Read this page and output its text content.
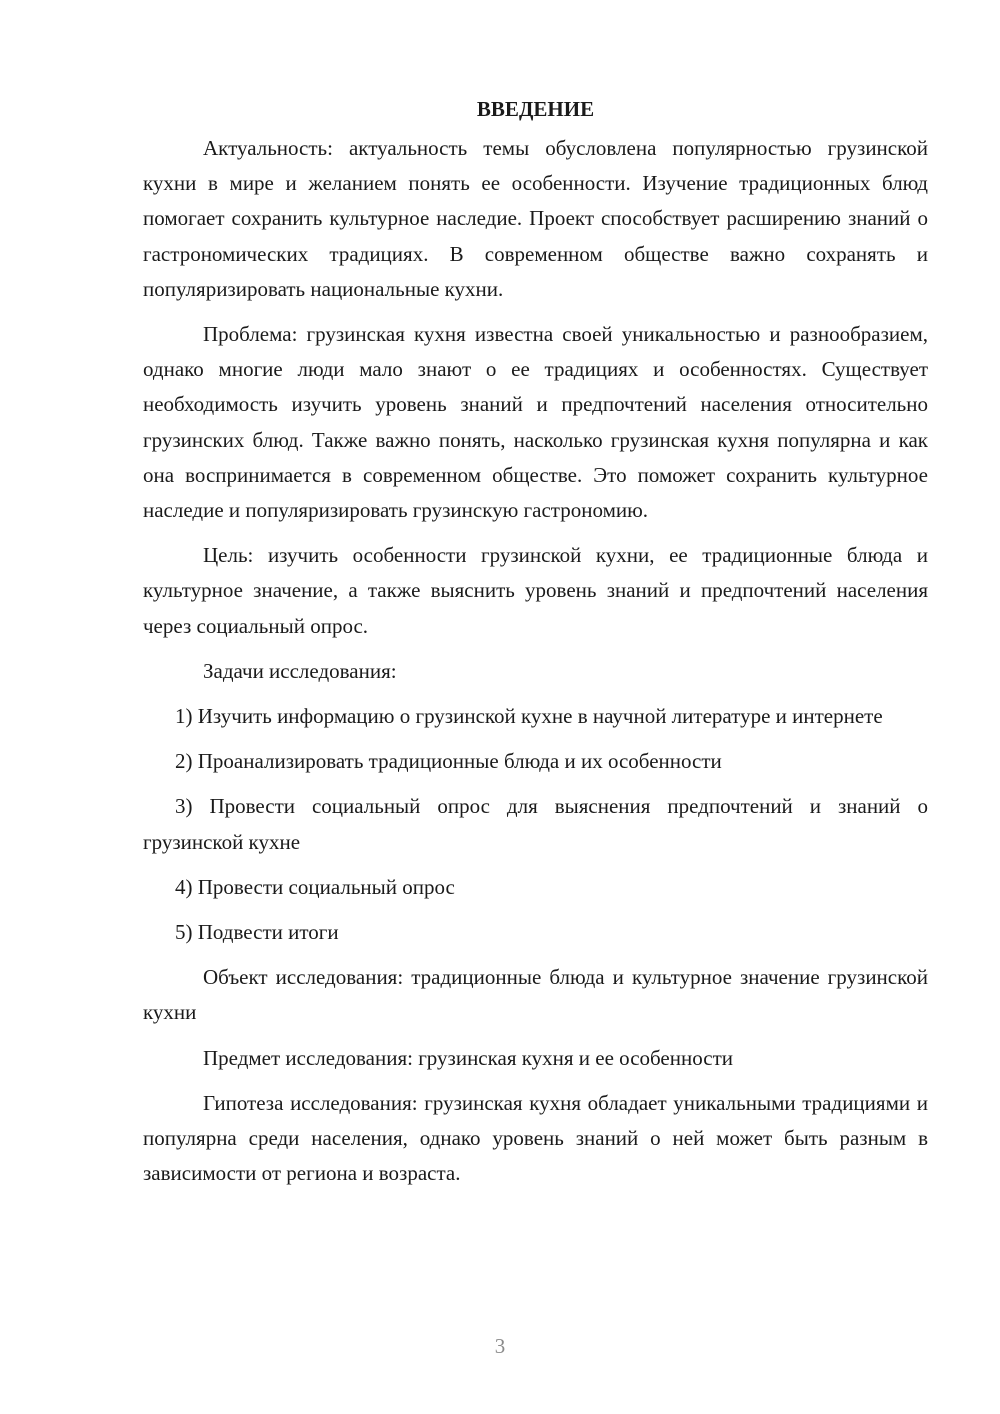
ВВЕДЕНИЕ

Актуальность: актуальность темы обусловлена популярностью грузинской кухни в мире и желанием понять ее особенности. Изучение традиционных блюд помогает сохранить культурное наследие. Проект способствует расширению знаний о гастрономических традициях. В современном обществе важно сохранять и популяризировать национальные кухни.

Проблема: грузинская кухня известна своей уникальностью и разнообразием, однако многие люди мало знают о ее традициях и особенностях. Существует необходимость изучить уровень знаний и предпочтений населения относительно грузинских блюд. Также важно понять, насколько грузинская кухня популярна и как она воспринимается в современном обществе. Это поможет сохранить культурное наследие и популяризировать грузинскую гастрономию.

Цель: изучить особенности грузинской кухни, ее традиционные блюда и культурное значение, а также выяснить уровень знаний и предпочтений населения через социальный опрос.

Задачи исследования:

1) Изучить информацию о грузинской кухне в научной литературе и интернете

2) Проанализировать традиционные блюда и их особенности

3) Провести социальный опрос для выяснения предпочтений и знаний о грузинской кухне

4) Провести социальный опрос

5) Подвести итоги

Объект исследования: традиционные блюда и культурное значение грузинской кухни

Предмет исследования: грузинская кухня и ее особенности

Гипотеза исследования: грузинская кухня обладает уникальными традициями и популярна среди населения, однако уровень знаний о ней может быть разным в зависимости от региона и возраста.

3
